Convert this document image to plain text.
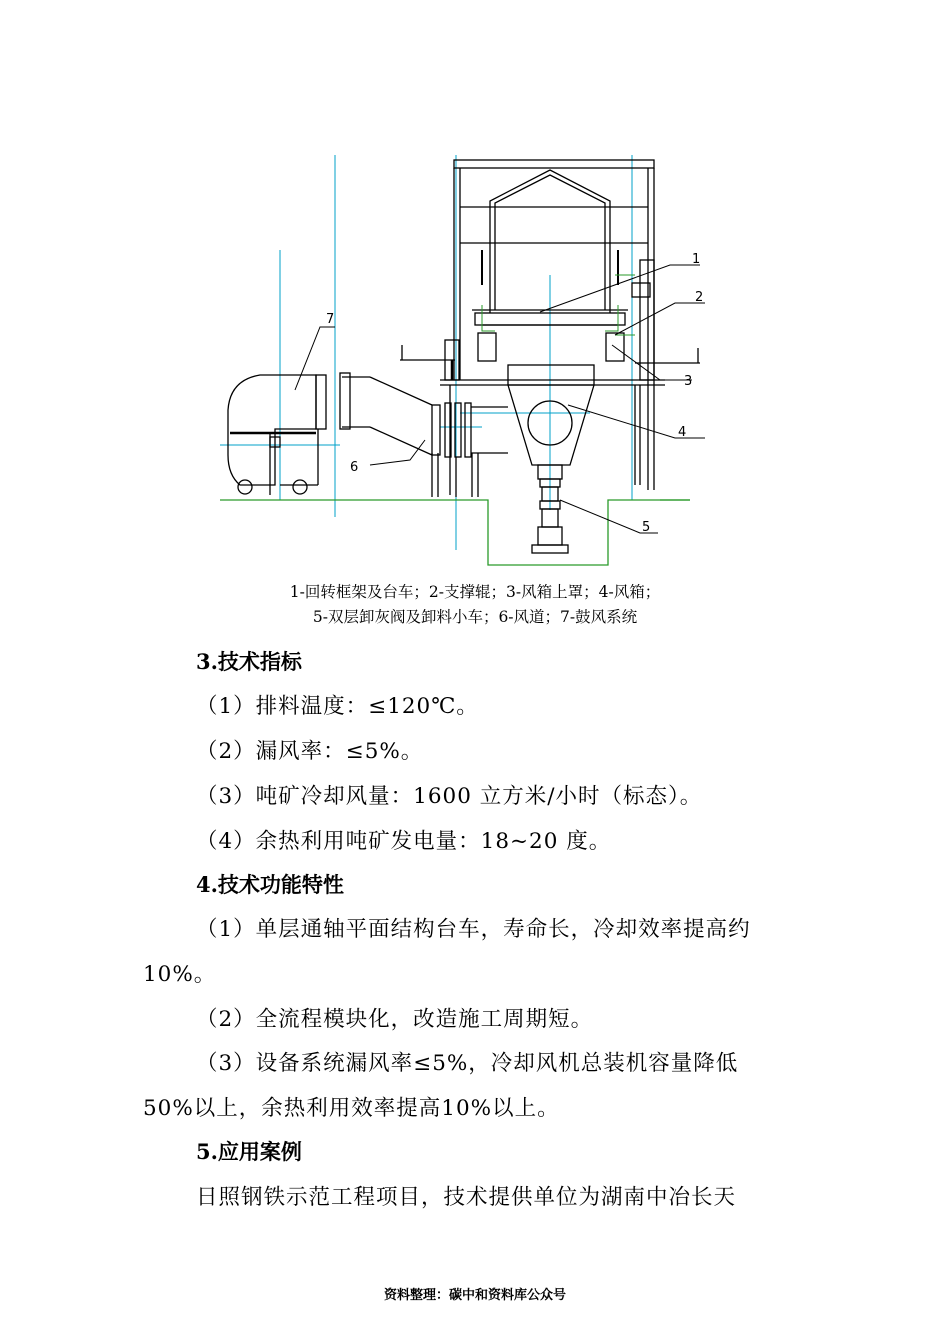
1
2
3
4
5
6
7
1-回转框架及台车；2-支撑辊；3-风箱上罩；4-风箱；
5-双层卸灰阀及卸料小车；6-风道；7-鼓风系统
3.技术指标
（1）排料温度：≤120℃。
（2）漏风率：≤5%。
（3）吨矿冷却风量：1600 立方米/小时（标态）。
（4）余热利用吨矿发电量：18~20 度。
4.技术功能特性
（1）单层通轴平面结构台车，寿命长，冷却效率提高约
10%。
（2）全流程模块化，改造施工周期短。
（3）设备系统漏风率≤5%，冷却风机总装机容量降低
50%以上，余热利用效率提高10%以上。
5.应用案例
日照钢铁示范工程项目，技术提供单位为湖南中冶长天
资料整理：碳中和资料库公众号
